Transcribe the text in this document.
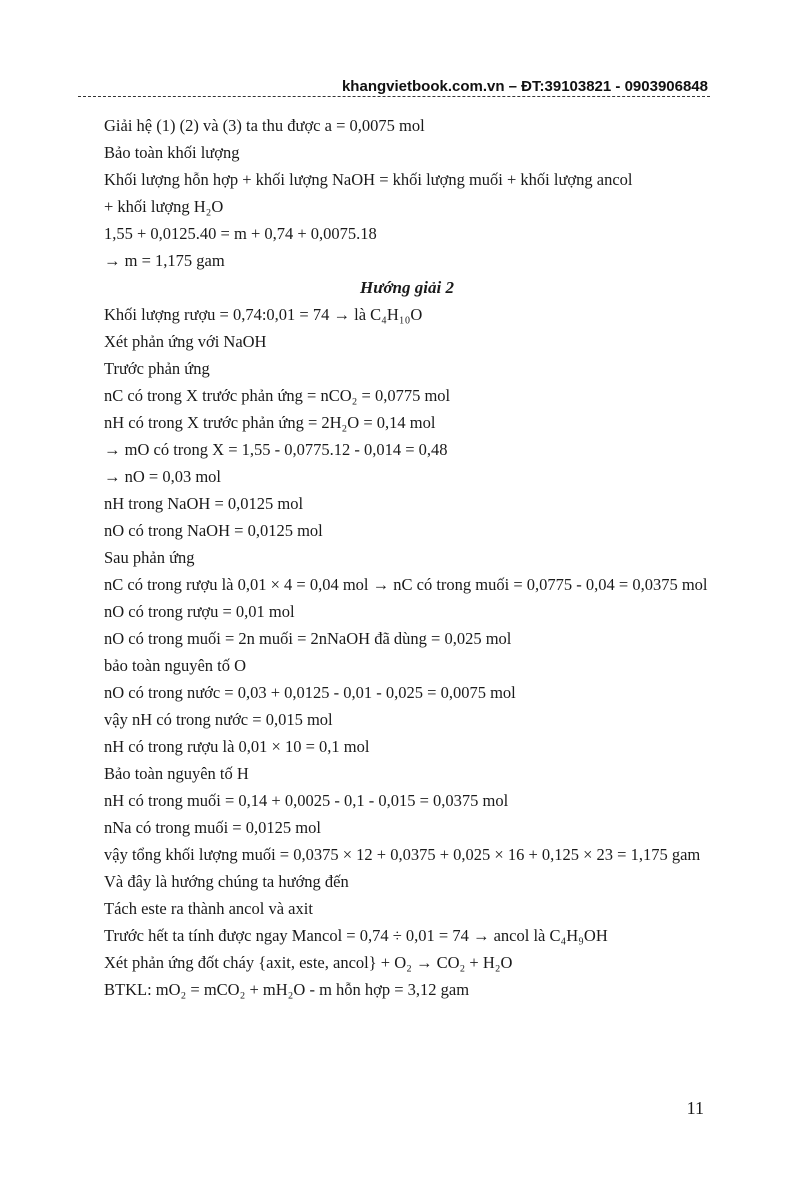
khangvietbook.com.vn – ĐT:39103821 - 0903906848
Giải hệ (1) (2) và (3) ta thu được a = 0,0075 mol
Bảo toàn khối lượng
Khối lượng hỗn hợp + khối lượng NaOH = khối lượng muối + khối lượng ancol
+ khối lượng H₂O
1,55 + 0,0125.40 = m + 0,74 + 0,0075.18
→ m = 1,175 gam
Hướng giải 2
Khối lượng rượu = 0,74:0,01 = 74 → là C₄H₁₀O
Xét phản ứng với NaOH
Trước phản ứng
nC có trong X trước phản ứng = nCO₂ = 0,0775 mol
nH có trong X trước phản ứng = 2H₂O = 0,14 mol
→ mO có trong X = 1,55 - 0,0775.12 - 0,014 = 0,48
→ nO = 0,03 mol
nH trong NaOH = 0,0125 mol
nO có trong NaOH = 0,0125 mol
Sau phản ứng
nC có trong rượu là 0,01 × 4 = 0,04 mol → nC có trong muối = 0,0775 - 0,04 = 0,0375 mol
nO có trong rượu = 0,01 mol
nO có trong muối = 2n muối = 2nNaOH đã dùng = 0,025 mol
bảo toàn nguyên tố O
nO có trong nước = 0,03 + 0,0125 - 0,01 - 0,025 = 0,0075 mol
vậy nH có trong nước = 0,015 mol
nH có trong rượu là 0,01 × 10 = 0,1 mol
Bảo toàn nguyên tố H
nH có trong muối = 0,14 + 0,0025 - 0,1 - 0,015 = 0,0375 mol
nNa có trong muối = 0,0125 mol
vậy tổng khối lượng muối = 0,0375 × 12 + 0,0375 + 0,025 × 16 + 0,125 × 23 = 1,175 gam
Và đây là hướng chúng ta hướng đến
Tách este ra thành ancol và axit
Trước hết ta tính được ngay Mancol = 0,74 ÷ 0,01 = 74 → ancol là C₄H₉OH
Xét phản ứng đốt cháy {axit, este, ancol} + O₂ → CO₂ + H₂O
BTKL: mO₂ = mCO₂ + mH₂O - m hỗn hợp = 3,12 gam
11
